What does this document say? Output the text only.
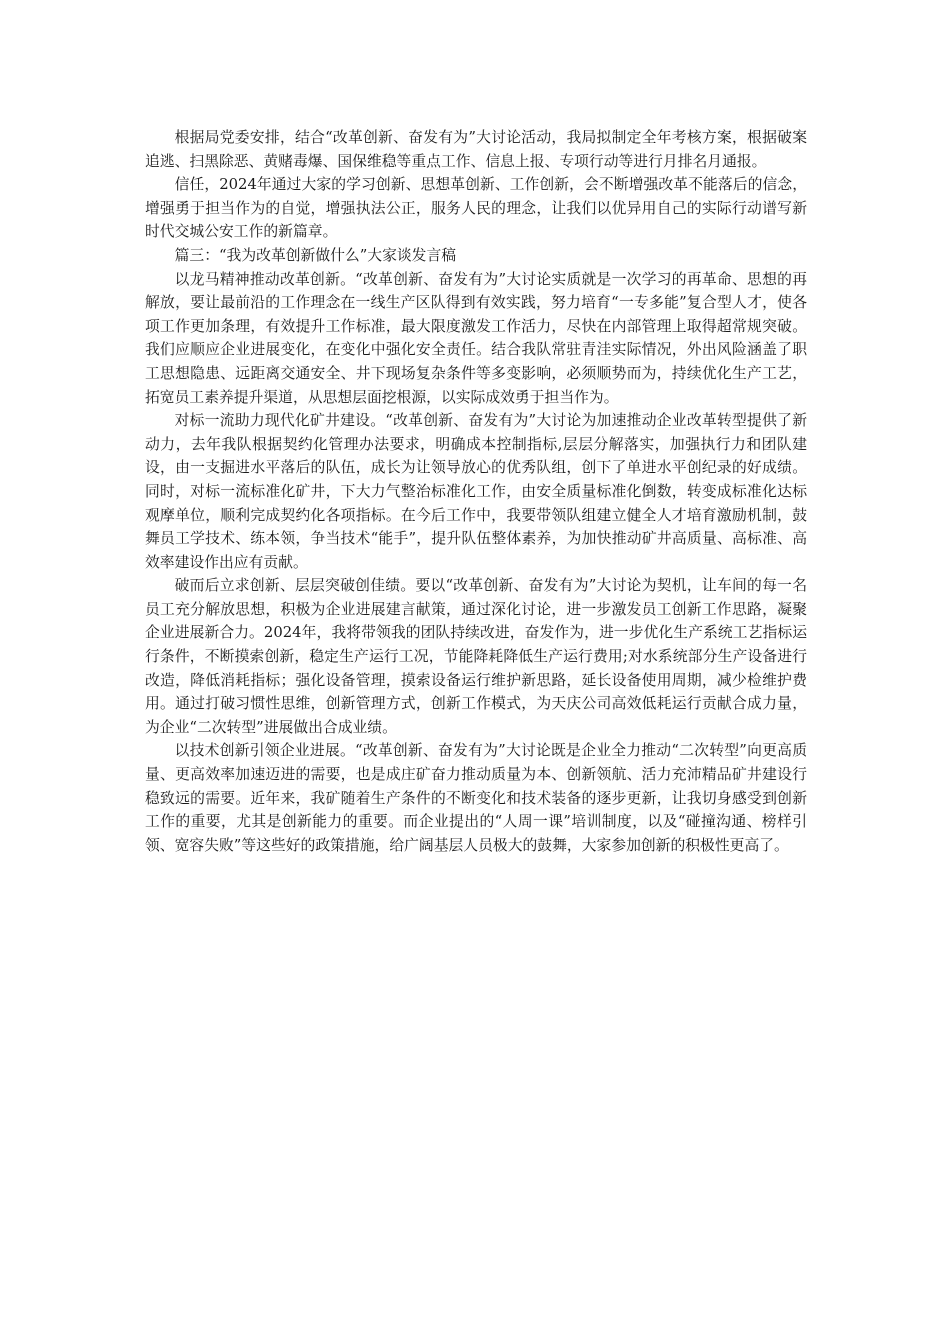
根据局党委安排，结合“改革创新、奋发有为”大讨论活动，我局拟制定全年考核方案，根据破案追逃、扫黑除恶、黄赌毒爆、国保维稳等重点工作、信息上报、专项行动等进行月排名月通报。

信任，2024年通过大家的学习创新、思想革创新、工作创新，会不断增强改革不能落后的信念，增强勇于担当作为的自觉，增强执法公正，服务人民的理念，让我们以优异用自己的实际行动谱写新时代交城公安工作的新篇章。

篇三：“我为改革创新做什么”大家谈发言稿

以龙马精神推动改革创新。“改革创新、奋发有为”大讨论实质就是一次学习的再革命、思想的再解放，要让最前沿的工作理念在一线生产区队得到有效实践，努力培育“一专多能”复合型人才，使各项工作更加条理，有效提升工作标准，最大限度激发工作活力，尽快在内部管理上取得超常规突破。我们应顺应企业进展变化，在变化中强化安全责任。结合我队常驻青洼实际情况，外出风险涵盖了职工思想隐患、远距离交通安全、井下现场复杂条件等多变影响，必须顺势而为，持续优化生产工艺，拓宽员工素养提升渠道，从思想层面挖根源，以实际成效勇于担当作为。

对标一流助力现代化矿井建设。“改革创新、奋发有为”大讨论为加速推动企业改革转型提供了新动力，去年我队根据契约化管理办法要求，明确成本控制指标,层层分解落实，加强执行力和团队建设，由一支掘进水平落后的队伍，成长为让领导放心的优秀队组，创下了单进水平创纪录的好成绩。同时，对标一流标准化矿井，下大力气整治标准化工作，由安全质量标准化倒数，转变成标准化达标观摩单位，顺利完成契约化各项指标。在今后工作中，我要带领队组建立健全人才培育激励机制，鼓舞员工学技术、练本领，争当技术“能手”，提升队伍整体素养，为加快推动矿井高质量、高标准、高效率建设作出应有贡献。

破而后立求创新、层层突破创佳绩。要以“改革创新、奋发有为”大讨论为契机，让车间的每一名员工充分解放思想，积极为企业进展建言献策，通过深化讨论，进一步激发员工创新工作思路，凝聚企业进展新合力。2024年，我将带领我的团队持续改进，奋发作为，进一步优化生产系统工艺指标运行条件，不断摸索创新，稳定生产运行工况，节能降耗降低生产运行费用;对水系统部分生产设备进行改造，降低消耗指标；强化设备管理，摸索设备运行维护新思路，延长设备使用周期，减少检维护费用。通过打破习惯性思维，创新管理方式，创新工作模式，为天庆公司高效低耗运行贡献合成力量，为企业“二次转型”进展做出合成业绩。

以技术创新引领企业进展。“改革创新、奋发有为”大讨论既是企业全力推动“二次转型”向更高质量、更高效率加速迈进的需要，也是成庄矿奋力推动质量为本、创新领航、活力充沛精品矿井建设行稳致远的需要。近年来，我矿随着生产条件的不断变化和技术装备的逐步更新，让我切身感受到创新工作的重要，尤其是创新能力的重要。而企业提出的“人周一课”培训制度，以及“碰撞沟通、榜样引领、宽容失败”等这些好的政策措施，给广阔基层人员极大的鼓舞，大家参加创新的积极性更高了。
